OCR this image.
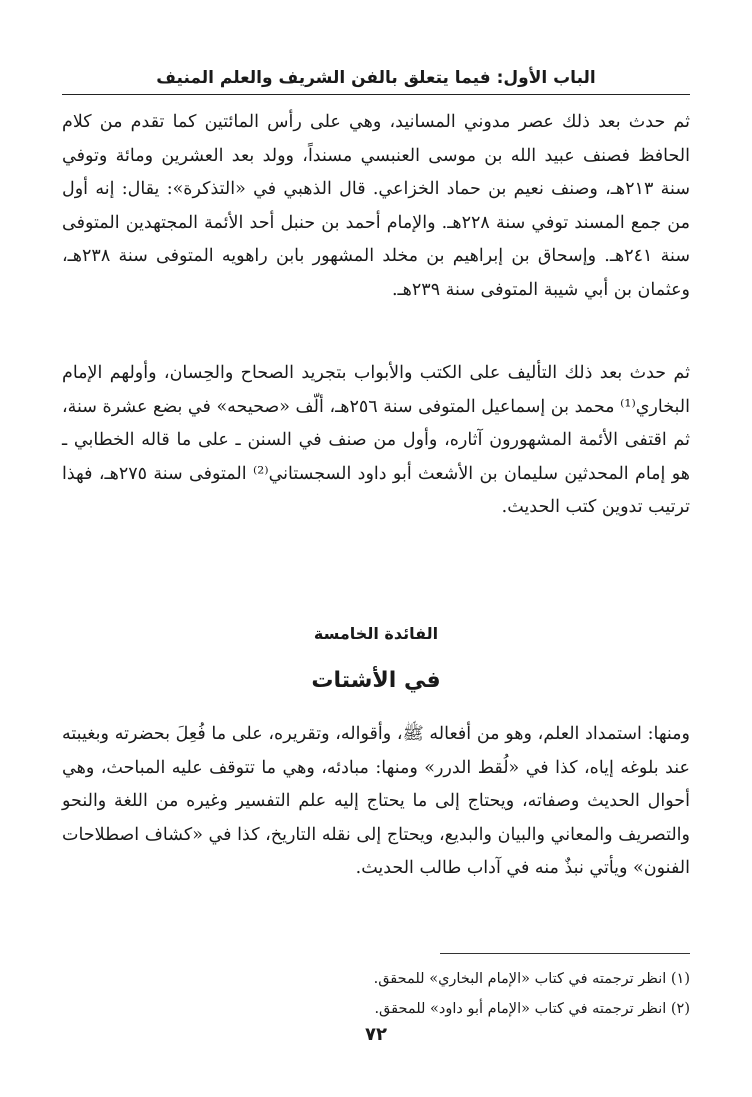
الباب الأول: فيما يتعلق بالفن الشريف والعلم المنيف
ثم حدث بعد ذلك عصر مدوني المسانيد، وهي على رأس المائتين كما تقدم من كلام الحافظ فصنف عبيد الله بن موسى العنبسي مسنداً، وولد بعد العشرين ومائة وتوفي سنة ٢١٣هـ، وصنف نعيم بن حماد الخزاعي. قال الذهبي في «التذكرة»: يقال: إنه أول من جمع المسند توفي سنة ٢٢٨هـ. والإمام أحمد بن حنبل أحد الأئمة المجتهدين المتوفى سنة ٢٤١هـ. وإسحاق بن إبراهيم بن مخلد المشهور بابن راهويه المتوفى سنة ٢٣٨هـ، وعثمان بن أبي شيبة المتوفى سنة ٢٣٩هـ.
ثم حدث بعد ذلك التأليف على الكتب والأبواب بتجريد الصحاح والحِسان، وأولهم الإمام البخاري⁽¹⁾ محمد بن إسماعيل المتوفى سنة ٢٥٦هـ، ألّف «صحيحه» في بضع عشرة سنة، ثم اقتفى الأئمة المشهورون آثاره، وأول من صنف في السنن ـ على ما قاله الخطابي ـ هو إمام المحدثين سليمان بن الأشعث أبو داود السجستاني⁽²⁾ المتوفى سنة ٢٧٥هـ، فهذا ترتيب تدوين كتب الحديث.
الفائدة الخامسة
في الأشتات
ومنها: استمداد العلم، وهو من أفعاله ﷺ، وأقواله، وتقريره، على ما فُعِلَ بحضرته وبغيبته عند بلوغه إياه، كذا في «لُقط الدرر» ومنها: مبادئه، وهي ما تتوقف عليه المباحث، وهي أحوال الحديث وصفاته، ويحتاج إلى ما يحتاج إليه علم التفسير وغيره من اللغة والنحو والتصريف والمعاني والبيان والبديع، ويحتاج إلى نقله التاريخ، كذا في «كشاف اصطلاحات الفنون» ويأتي نبذٌ منه في آداب طالب الحديث.
(١) انظر ترجمته في كتاب «الإمام البخاري» للمحقق.
(٢) انظر ترجمته في كتاب «الإمام أبو داود» للمحقق.
٧٢
